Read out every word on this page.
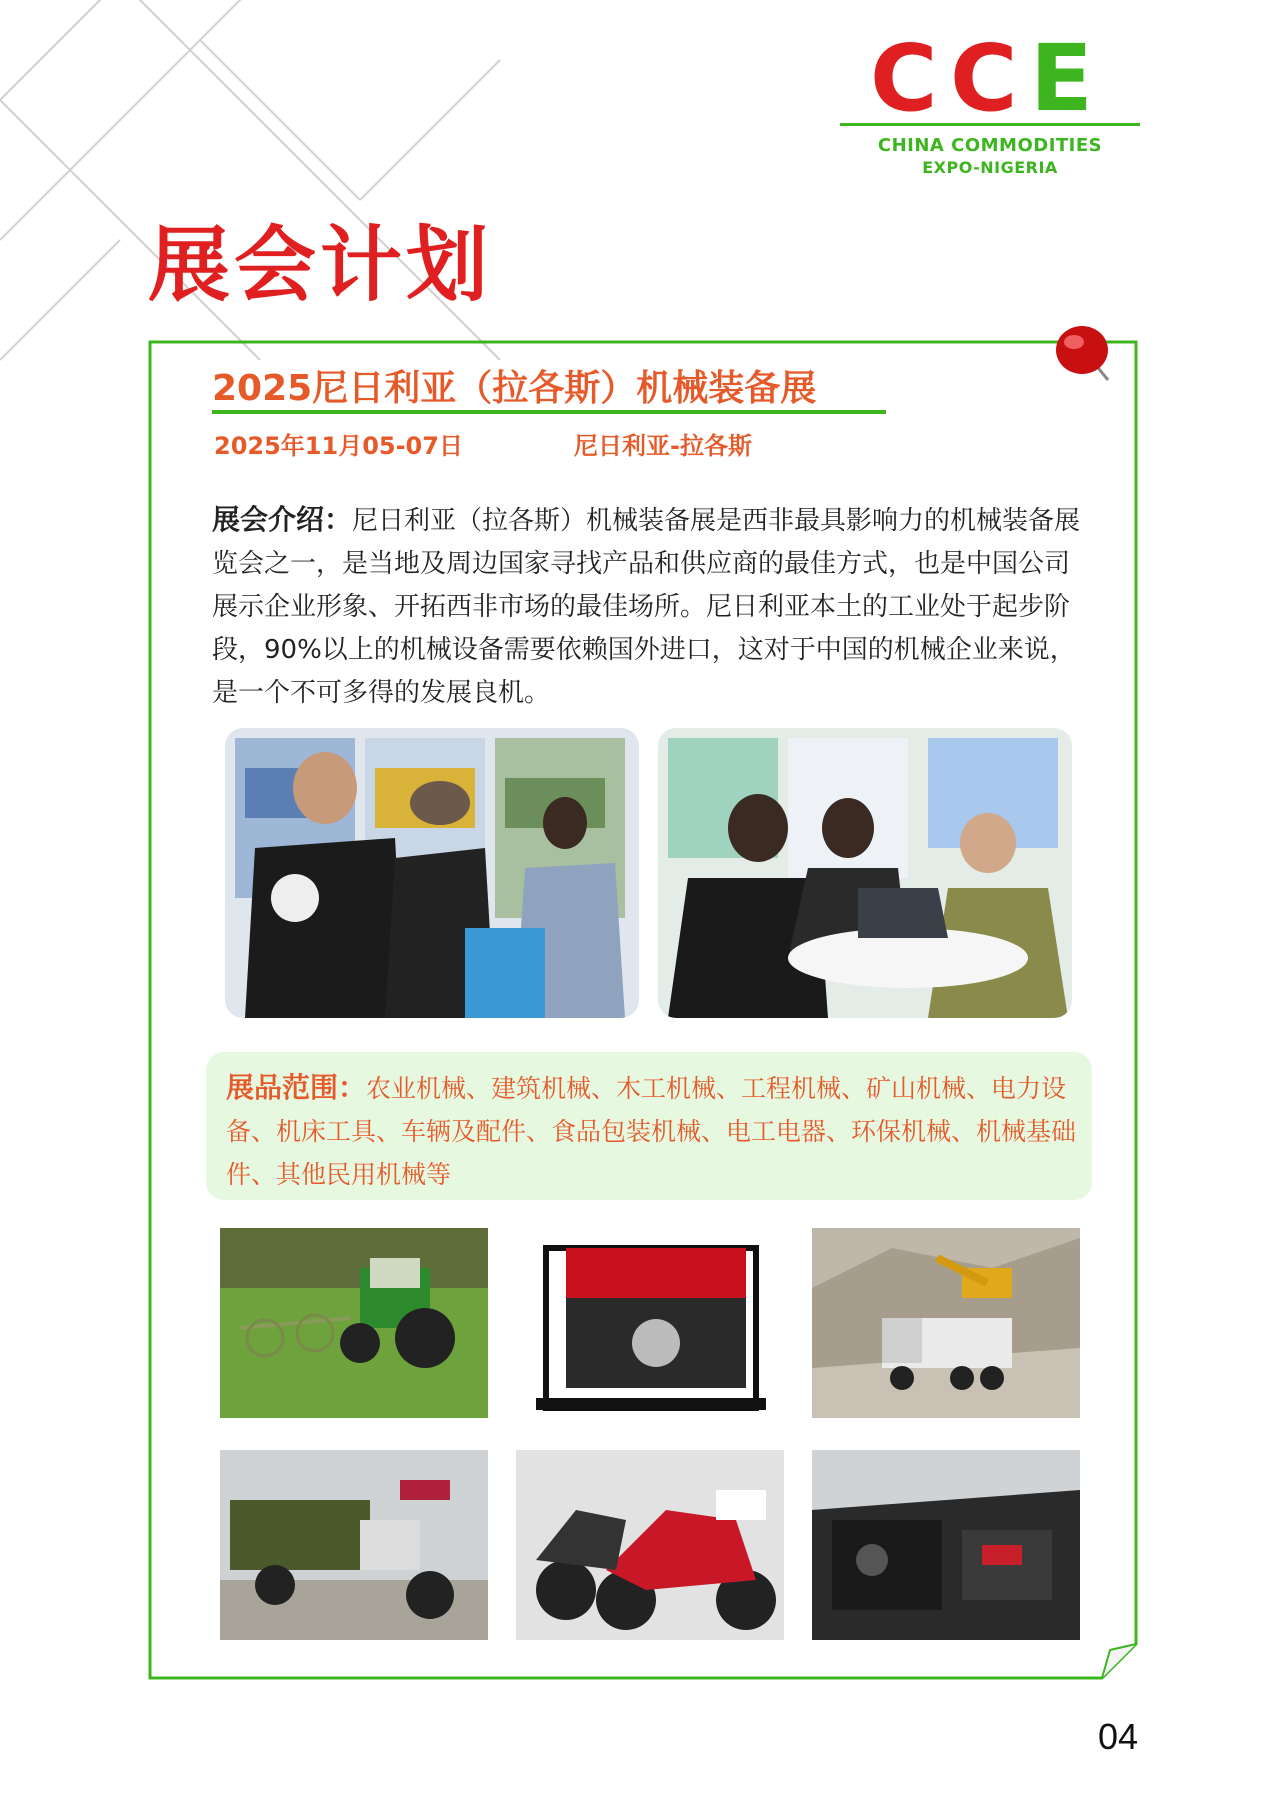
C C E
CHINA COMMODITIES
EXPO-NIGERIA
展会计划
2025尼日利亚（拉各斯）机械装备展
2025年11月05-07日	尼日利亚-拉各斯
展会介绍：尼日利亚（拉各斯）机械装备展是西非最具影响力的机械装备展览会之一，是当地及周边国家寻找产品和供应商的最佳方式，也是中国公司展示企业形象、开拓西非市场的最佳场所。尼日利亚本土的工业处于起步阶段，90%以上的机械设备需要依赖国外进口，这对于中国的机械企业来说，是一个不可多得的发展良机。
展品范围：农业机械、建筑机械、木工机械、工程机械、矿山机械、电力设备、机床工具、车辆及配件、食品包装机械、电工电器、环保机械、机械基础件、其他民用机械等
04
